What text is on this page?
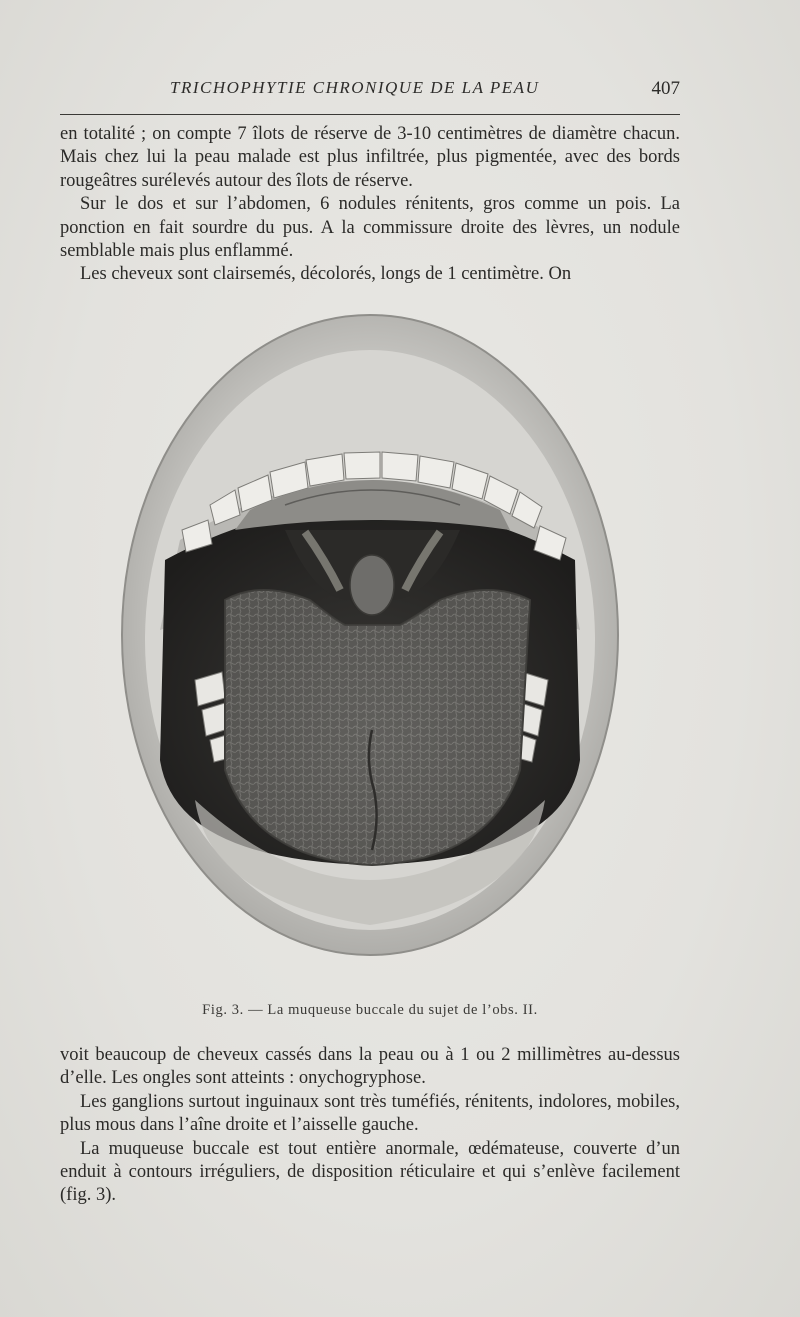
TRICHOPHYTIE CHRONIQUE DE LA PEAU	407

en totalité ; on compte 7 îlots de réserve de 3-10 centimètres de diamètre chacun. Mais chez lui la peau malade est plus infiltrée, plus pigmentée, avec des bords rougeâtres surélevés autour des îlots de réserve.

Sur le dos et sur l’abdomen, 6 nodules rénitents, gros comme un pois. La ponction en fait sourdre du pus. A la commissure droite des lèvres, un nodule semblable mais plus enflammé.

Les cheveux sont clairsemés, décolorés, longs de 1 centimètre. On

Fig. 3. — La muqueuse buccale du sujet de l’obs. II.

voit beaucoup de cheveux cassés dans la peau ou à 1 ou 2 millimètres au-dessus d’elle. Les ongles sont atteints : onychogryphose.

Les ganglions surtout inguinaux sont très tuméfiés, rénitents, indolores, mobiles, plus mous dans l’aîne droite et l’aisselle gauche.

La muqueuse buccale est tout entière anormale, œdémateuse, couverte d’un enduit à contours irréguliers, de disposition réticulaire et qui s’enlève facilement (fig. 3).
